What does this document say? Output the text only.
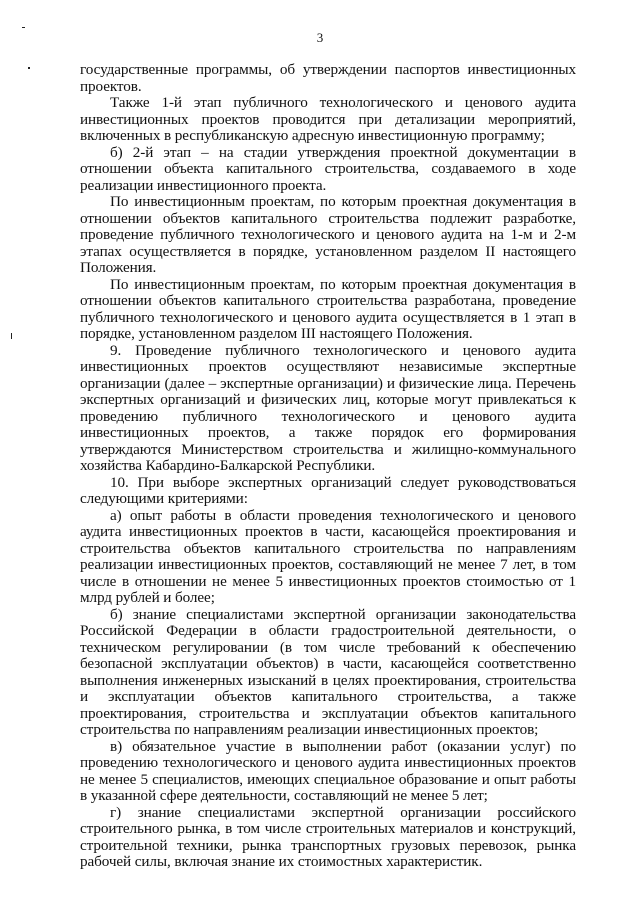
3

государственные программы, об утверждении паспортов инвестиционных проектов.

Также 1-й этап публичного технологического и ценового аудита инвестиционных проектов проводится при детализации мероприятий, включенных в республиканскую адресную инвестиционную программу;

б) 2-й этап – на стадии утверждения проектной документации в отношении объекта капитального строительства, создаваемого в ходе реализации инвестиционного проекта.

По инвестиционным проектам, по которым проектная документация в отношении объектов капитального строительства подлежит разработке, проведение публичного технологического и ценового аудита на 1-м и 2-м этапах осуществляется в порядке, установленном разделом II настоящего Положения.

По инвестиционным проектам, по которым проектная документация в отношении объектов капитального строительства разработана, проведение публичного технологического и ценового аудита осуществляется в 1 этап в порядке, установленном разделом III настоящего Положения.

9. Проведение публичного технологического и ценового аудита инвестиционных проектов осуществляют независимые экспертные организации (далее – экспертные организации) и физические лица. Перечень экспертных организаций и физических лиц, которые могут привлекаться к проведению публичного технологического и ценового аудита инвестиционных проектов, а также порядок его формирования утверждаются Министерством строительства и жилищно-коммунального хозяйства Кабардино-Балкарской Республики.

10. При выборе экспертных организаций следует руководствоваться следующими критериями:

а) опыт работы в области проведения технологического и ценового аудита инвестиционных проектов в части, касающейся проектирования и строительства объектов капитального строительства по направлениям реализации инвестиционных проектов, составляющий не менее 7 лет, в том числе в отношении не менее 5 инвестиционных проектов стоимостью от 1 млрд рублей и более;

б) знание специалистами экспертной организации законодательства Российской Федерации в области градостроительной деятельности, о техническом регулировании (в том числе требований к обеспечению безопасной эксплуатации объектов) в части, касающейся соответственно выполнения инженерных изысканий в целях проектирования, строительства и эксплуатации объектов капитального строительства, а также проектирования, строительства и эксплуатации объектов капитального строительства по направлениям реализации инвестиционных проектов;

в) обязательное участие в выполнении работ (оказании услуг) по проведению технологического и ценового аудита инвестиционных проектов не менее 5 специалистов, имеющих специальное образование и опыт работы в указанной сфере деятельности, составляющий не менее 5 лет;

г) знание специалистами экспертной организации российского строительного рынка, в том числе строительных материалов и конструкций, строительной техники, рынка транспортных грузовых перевозок, рынка рабочей силы, включая знание их стоимостных характеристик.
